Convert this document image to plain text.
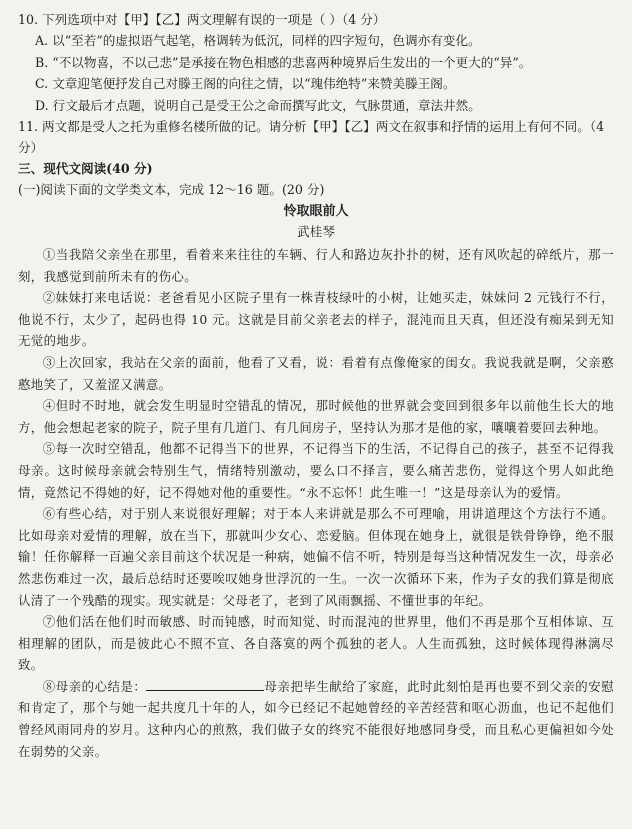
10. 下列选项中对【甲】【乙】两文理解有误的一项是（ ）（4 分）

A. 以“至若”的虚拟语气起笔，格调转为低沉，同样的四字短句，色调亦有变化。

B. “不以物喜，不以己悲”是承接在物色相感的悲喜两种境界后生发出的一个更大的“异”。

C. 文章迎笔便抒发自己对滕王阁的向往之情，以“瑰伟绝特”来赞美滕王阁。

D. 行文最后才点题，说明自己是受王公之命而撰写此文，气脉贯通，章法井然。

11. 两文都是受人之托为重修名楼所做的记。请分析【甲】【乙】两文在叙事和抒情的运用上有何不同。（4 分）

三、现代文阅读(40 分)

(一)阅读下面的文学类文本，完成 12～16 题。(20 分)

怜取眼前人

武桂琴

①当我陪父亲坐在那里，看着来来往往的车辆、行人和路边灰扑扑的树，还有风吹起的碎纸片，那一刻，我感觉到前所未有的伤心。

②妹妹打来电话说：老爸看见小区院子里有一株青枝绿叶的小树，让她买走，妹妹问 2 元钱行不行，他说不行，太少了，起码也得 10 元。这就是目前父亲老去的样子，混沌而且天真，但还没有痴呆到无知无觉的地步。

③上次回家，我站在父亲的面前，他看了又看，说：看着有点像俺家的闺女。我说我就是啊，父亲憨憨地笑了，又羞涩又满意。

④但时不时地，就会发生明显时空错乱的情况，那时候他的世界就会变回到很多年以前他生长大的地方，他会想起老家的院子，院子里有几道门、有几间房子，坚持认为那才是他的家，嚷嚷着要回去种地。

⑤每一次时空错乱，他都不记得当下的世界，不记得当下的生活，不记得自己的孩子，甚至不记得我母亲。这时候母亲就会特别生气，情绪特别激动，要么口不择言，要么痛苦悲伤，觉得这个男人如此绝情，竟然记不得她的好，记不得她对他的重要性。“永不忘怀！此生唯一！”这是母亲认为的爱情。

⑥有些心结，对于别人来说很好理解；对于本人来讲就是那么不可理喻，用讲道理这个方法行不通。比如母亲对爱情的理解，放在当下，那就叫少女心、恋爱脑。但体现在她身上，就很是铁骨铮铮，绝不服输！任你解释一百遍父亲目前这个状况是一种病，她偏不信不听，特别是每当这种情况发生一次，母亲必然悲伤难过一次，最后总结时还要唉叹她身世浮沉的一生。一次一次循环下来，作为子女的我们算是彻底认清了一个残酷的现实。现实就是：父母老了，老到了风雨飘摇、不懂世事的年纪。

⑦他们活在他们时而敏感、时而钝感，时而知觉、时而混沌的世界里，他们不再是那个互相体谅、互相理解的团队，而是彼此心不照不宣、各自落寞的两个孤独的老人。人生而孤独，这时候体现得淋漓尽致。

⑧母亲的心结是：	母亲把毕生献给了家庭，此时此刻怕是再也要不到父亲的安慰和肯定了，那个与她一起共度几十年的人，如今已经记不起她曾经的辛苦经营和呕心沥血，也记不起他们曾经风雨同舟的岁月。这种内心的煎熬，我们做子女的终究不能很好地感同身受，而且私心更偏袒如今处在弱势的父亲。
